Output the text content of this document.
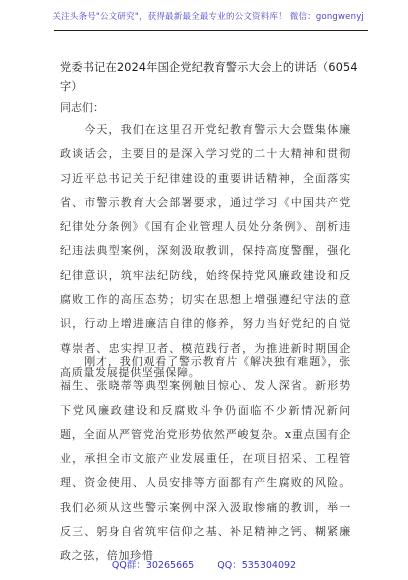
关注头条号"公文研究"，获得最新最全最专业的公文资料库！ 微信：gongwenyj
党委书记在2024年国企党纪教育警示大会上的讲话（6054字）
同志们：

今天，我们在这里召开党纪教育警示大会暨集体廉政谈话会，主要目的是深入学习党的二十大精神和贯彻习近平总书记关于纪律建设的重要讲话精神，全面落实省、市警示教育大会部署要求，通过学习《中国共产党纪律处分条例》《国有企业管理人员处分条例》、剖析违纪违法典型案例，深刻汲取教训，保持高度警醒，强化纪律意识，筑牢法纪防线，始终保持党风廉政建设和反腐败工作的高压态势；切实在思想上增强遵纪守法的意识，行动上增进廉洁自律的修养，努力当好党纪的自觉尊崇者、忠实捍卫者、模范践行者，为推进新时期国企高质量发展提供坚强保障。

刚才，我们观看了警示教育片《解决独有难题》，张福生、张晓蒂等典型案例触目惊心、发人深省。新形势下党风廉政建设和反腐败斗争仍面临不少新情况新问题，全面从严管党治党形势依然严峻复杂。x重点国有企业，承担全市文旅产业发展重任，在项目招采、工程管理、资金使用、人员安排等方面都有产生腐败的风险。我们必须从这些警示案例中深入汲取惨痛的教训，举一反三、躬身自省筑牢信仰之基、补足精神之钙、糊紧廉政之弦，倍加珍惜

QQ群：30265665 QQ：535304092
